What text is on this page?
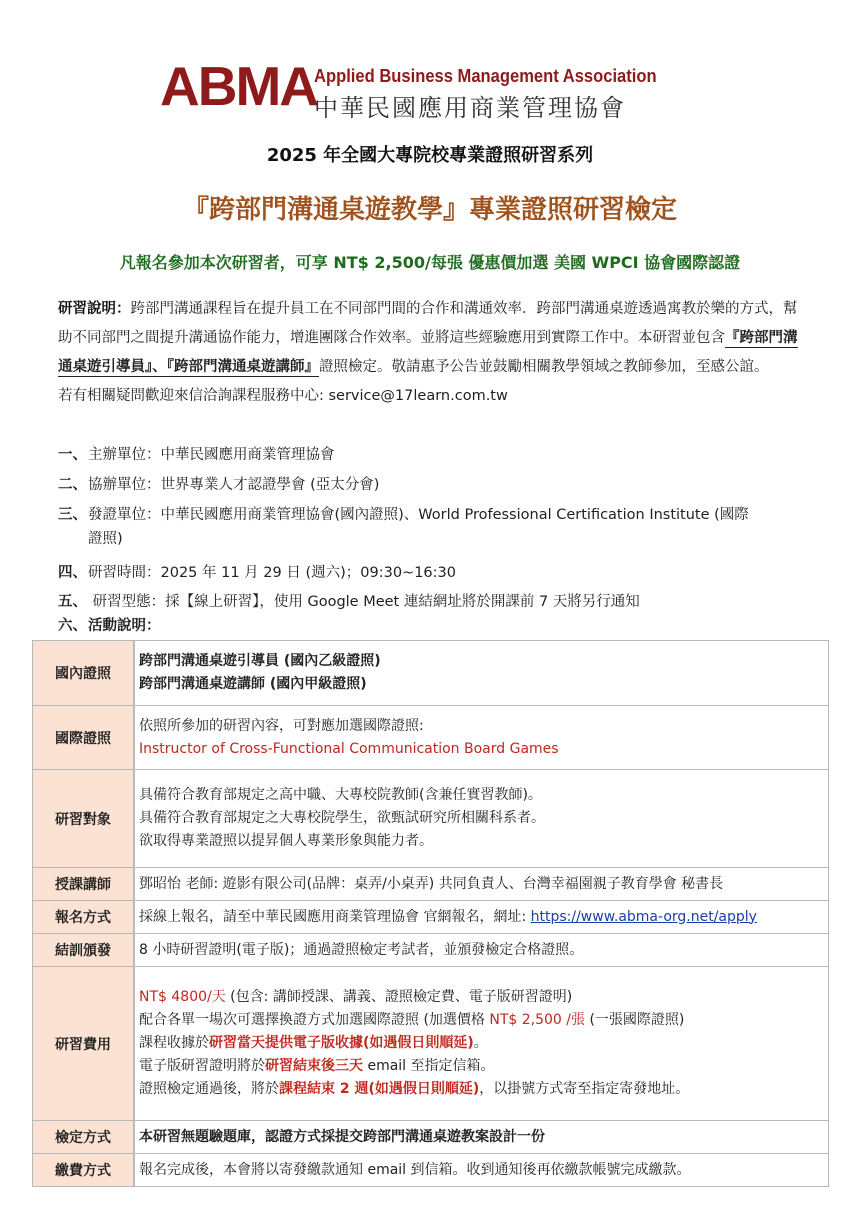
ABMA
Applied Business Management Association
中華民國應用商業管理協會
2025 年全國大專院校專業證照研習系列
『跨部門溝通桌遊教學』專業證照研習檢定
凡報名參加本次研習者，可享 NT$ 2,500/每張 優惠價加選 美國 WPCI 協會國際認證
研習說明：跨部門溝通課程旨在提升員工在不同部門間的合作和溝通效率．跨部門溝通桌遊透過寓教於樂的方式，幫助不同部門之間提升溝通協作能力，增進團隊合作效率。並將這些經驗應用到實際工作中。本研習並包含『跨部門溝通桌遊引導員』、『跨部門溝通桌遊講師』證照檢定。敬請惠予公告並鼓勵相關教學領域之教師參加，至感公誼。
若有相關疑問歡迎來信洽詢課程服務中心: service@17learn.com.tw
一、主辦單位：中華民國應用商業管理協會
二、協辦單位：世界專業人才認證學會 (亞太分會)
三、發證單位：中華民國應用商業管理協會(國內證照)、World Professional Certification Institute (國際
證照)
四、研習時間：2025 年 11 月 29 日 (週六)；09:30~16:30
五、 研習型態：採【線上研習】，使用 Google Meet 連結網址將於開課前 7 天將另行通知
六、活動說明：
國內證照	跨部門溝通桌遊引導員 (國內乙級證照)
跨部門溝通桌遊講師 (國內甲級證照)

國際證照	依照所參加的研習內容，可對應加選國際證照:
Instructor of Cross-Functional Communication Board Games

研習對象	具備符合教育部規定之高中職、大專校院教師(含兼任實習教師)。
具備符合教育部規定之大專校院學生，欲甄試研究所相關科系者。
欲取得專業證照以提昇個人專業形象與能力者。

授課講師	鄧昭怡 老師: 遊影有限公司(品牌：桌弄/小桌弄) 共同負責人、台灣幸福園親子教育學會 秘書長
報名方式	採線上報名，請至中華民國應用商業管理協會 官網報名，網址: https://www.abma-org.net/apply
結訓頒發	8 小時研習證明(電子版)；通過證照檢定考試者，並頒發檢定合格證照。
研習費用	NT$ 4800/天 (包含: 講師授課、講義、證照檢定費、電子版研習證明)
配合各單一場次可選擇換證方式加選國際證照 (加選價格 NT$ 2,500 /張 (一張國際證照)
課程收據於研習當天提供電子版收據(如遇假日則順延)。
電子版研習證明將於研習結束後三天 email 至指定信箱。
證照檢定通過後，將於課程結束 2 週(如遇假日則順延)，以掛號方式寄至指定寄發地址。

檢定方式	本研習無題驗題庫，認證方式採提交跨部門溝通桌遊教案設計一份
繳費方式	報名完成後，本會將以寄發繳款通知 email 到信箱。收到通知後再依繳款帳號完成繳款。
